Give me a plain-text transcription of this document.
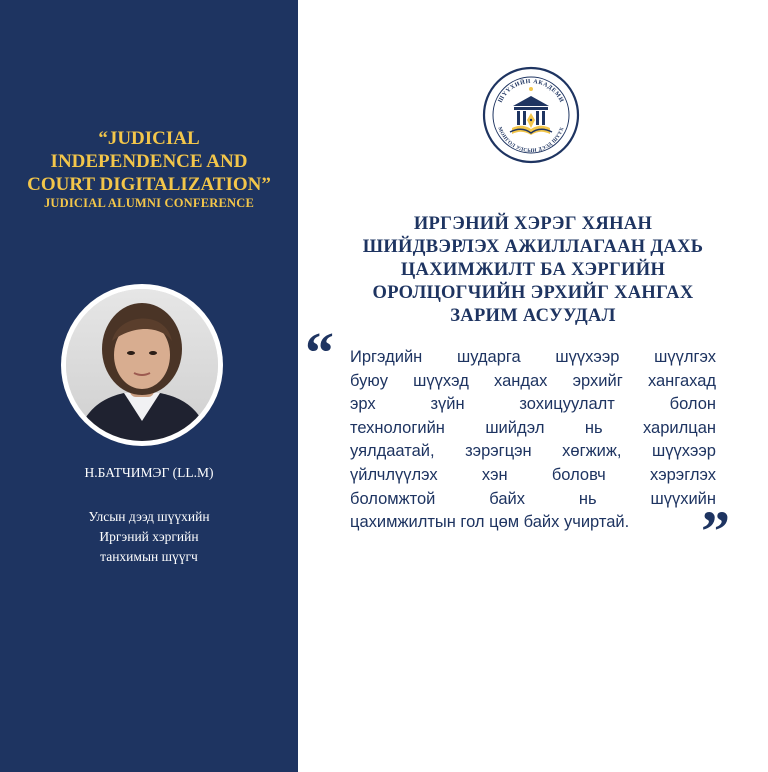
“JUDICIAL
INDEPENDENCE AND
COURT DIGITALIZATION”
JUDICIAL ALUMNI CONFERENCE
Н.БАТЧИМЭГ (LL.M)
Улсын дээд шүүхийн
Иргэний хэргийн
танхимын шүүгч
ШҮҮХИЙН АКАДЕМИ
МОНГОЛ УЛСЫН ДЭЭД ШҮҮХ
ИРГЭНИЙ ХЭРЭГ ХЯНАН
ШИЙДВЭРЛЭХ АЖИЛЛАГААН ДАХЬ
ЦАХИМЖИЛТ БА ХЭРГИЙН
ОРОЛЦОГЧИЙН ЭРХИЙГ ХАНГАХ
ЗАРИМ АСУУДАЛ
“ Иргэдийн шударга шүүхээр шүүлгэх
буюу шүүхэд хандах эрхийг хангахад
эрх зүйн зохицуулалт болон
технологийн шийдэл нь харилцан
уялдаатай, зэрэгцэн хөгжиж, шүүхээр
үйлчлүүлэх хэн боловч хэрэглэх
боломжтой байх нь шүүхийн
цахимжилтын гол цөм байх учиртай.	”
